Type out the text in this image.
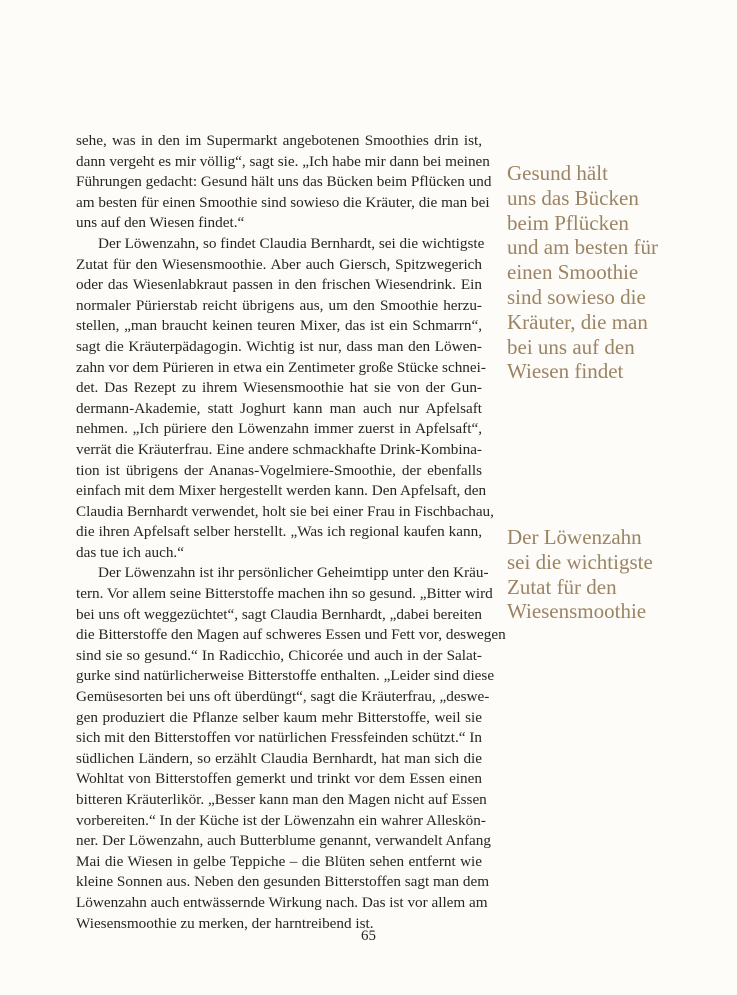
sehe, was in den im Supermarkt angebotenen Smoothies drin ist,
dann vergeht es mir völlig“, sagt sie. „Ich habe mir dann bei meinen
Führungen gedacht: Gesund hält uns das Bücken beim Pflücken und
am besten für einen Smoothie sind sowieso die Kräuter, die man bei
uns auf den Wiesen findet.“

Der Löwenzahn, so findet Claudia Bernhardt, sei die wichtigste
Zutat für den Wiesensmoothie. Aber auch Giersch, Spitzwegerich
oder das Wiesenlabkraut passen in den frischen Wiesendrink. Ein
normaler Pürierstab reicht übrigens aus, um den Smoothie herzu-
stellen, „man braucht keinen teuren Mixer, das ist ein Schmarrn“,
sagt die Kräuterpädagogin. Wichtig ist nur, dass man den Löwen-
zahn vor dem Pürieren in etwa ein Zentimeter große Stücke schnei-
det. Das Rezept zu ihrem Wiesensmoothie hat sie von der Gun-
dermann-Akademie, statt Joghurt kann man auch nur Apfelsaft
nehmen. „Ich püriere den Löwenzahn immer zuerst in Apfelsaft“,
verrät die Kräuterfrau. Eine andere schmackhafte Drink-Kombina-
tion ist übrigens der Ananas-Vogelmiere-Smoothie, der ebenfalls
einfach mit dem Mixer hergestellt werden kann. Den Apfelsaft, den
Claudia Bernhardt verwendet, holt sie bei einer Frau in Fischbachau,
die ihren Apfelsaft selber herstellt. „Was ich regional kaufen kann,
das tue ich auch.“

Der Löwenzahn ist ihr persönlicher Geheimtipp unter den Kräu-
tern. Vor allem seine Bitterstoffe machen ihn so gesund. „Bitter wird
bei uns oft weggezüchtet“, sagt Claudia Bernhardt, „dabei bereiten
die Bitterstoffe den Magen auf schweres Essen und Fett vor, deswegen
sind sie so gesund.“ In Radicchio, Chicorée und auch in der Salat-
gurke sind natürlicherweise Bitterstoffe enthalten. „Leider sind diese
Gemüsesorten bei uns oft überdüngt“, sagt die Kräuterfrau, „deswe-
gen produziert die Pflanze selber kaum mehr Bitterstoffe, weil sie
sich mit den Bitterstoffen vor natürlichen Fressfeinden schützt.“ In
südlichen Ländern, so erzählt Claudia Bernhardt, hat man sich die
Wohltat von Bitterstoffen gemerkt und trinkt vor dem Essen einen
bitteren Kräuterlikör. „Besser kann man den Magen nicht auf Essen
vorbereiten.“ In der Küche ist der Löwenzahn ein wahrer Alleskön-
ner. Der Löwenzahn, auch Butterblume genannt, verwandelt Anfang
Mai die Wiesen in gelbe Teppiche – die Blüten sehen entfernt wie
kleine Sonnen aus. Neben den gesunden Bitterstoffen sagt man dem
Löwenzahn auch entwässernde Wirkung nach. Das ist vor allem am
Wiesensmoothie zu merken, der harntreibend ist.

Gesund hält
uns das Bücken
beim Pflücken
und am besten für
einen Smoothie
sind sowieso die
Kräuter, die man
bei uns auf den
Wiesen findet
Der Löwenzahn
sei die wichtigste
Zutat für den
Wiesensmoothie
65
